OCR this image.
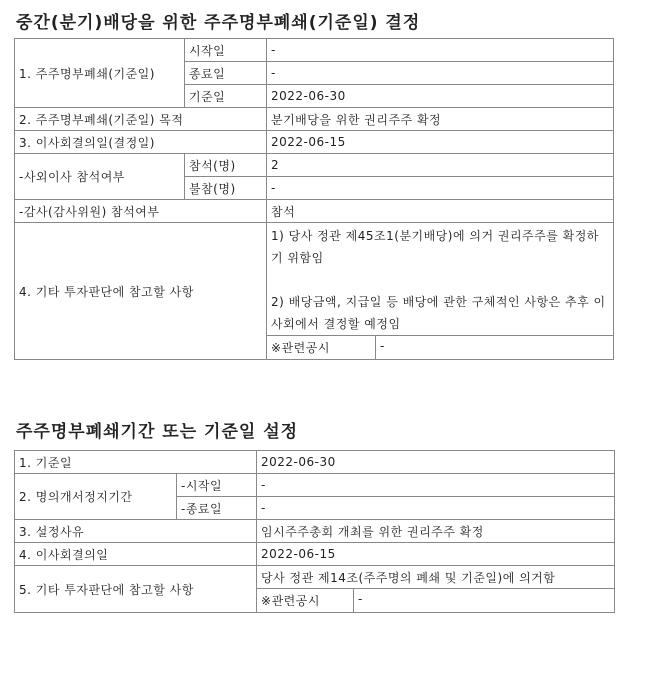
중간(분기)배당을 위한 주주명부폐쇄(기준일) 결정
1. 주주명부폐쇄(기준일)	시작일	-
	종료일	-
	기준일	2022-06-30
2. 주주명부폐쇄(기준일) 목적		분기배당을 위한 권리주주 확정
3. 이사회결의일(결정일)		2022-06-15
-사외이사 참석여부	참석(명)	2
	불참(명)	-
-감사(감사위원) 참석여부		참석
4. 기타 투자판단에 참고할 사항		1) 당사 정관 제45조1(분기배당)에 의거 권리주주를 확정하기 위함임
2) 배당금액, 지급일 등 배당에 관한 구체적인 사항은 추후 이사회에서 결정할 예정임

		※관련공시 -
주주명부폐쇄기간 또는 기준일 설정
1. 기준일		2022-06-30
2. 명의개서정지기간	-시작일	-
	-종료일	-
3. 설정사유		임시주주총회 개최를 위한 권리주주 확정
4. 이사회결의일		2022-06-15
5. 기타 투자판단에 참고할 사항		당사 정관 제14조(주주명의 폐쇄 및 기준일)에 의거함

		※관련공시 -
